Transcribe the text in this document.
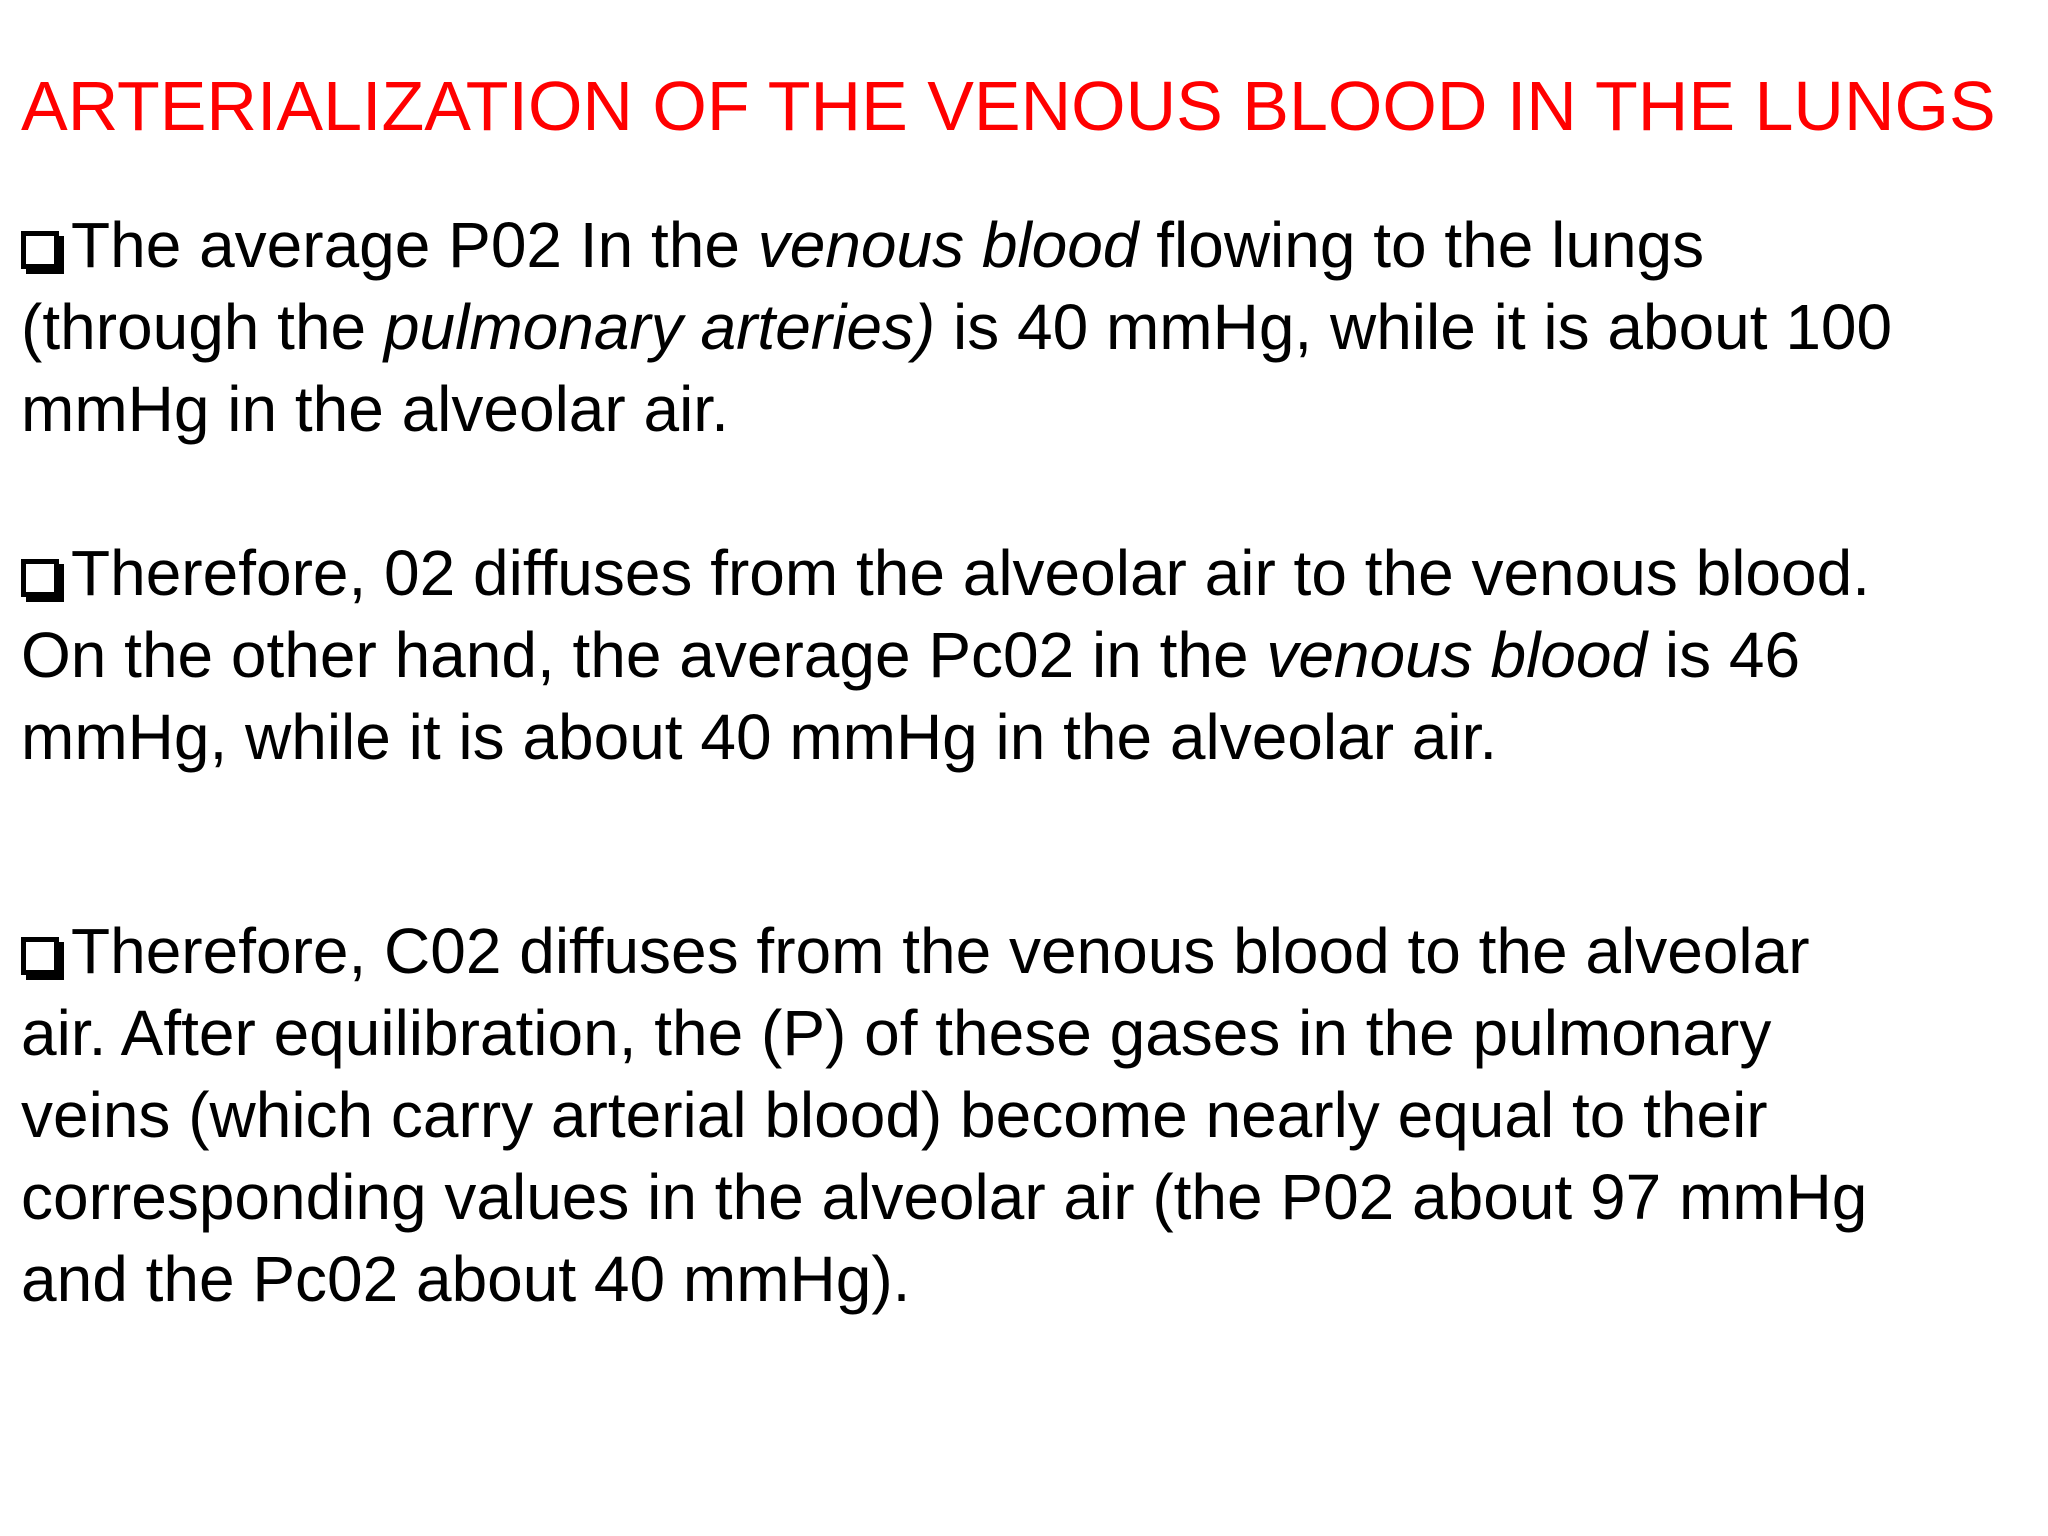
ARTERIALIZATION OF THE VENOUS BLOOD IN THE LUNGS
The average P02 In the venous blood flowing to the lungs
(through the pulmonary arteries) is 40 mmHg, while it is about 100
mmHg in the alveolar air.
Therefore, 02 diffuses from the alveolar air to the venous blood.
On the other hand, the average Pc02 in the venous blood is 46
mmHg, while it is about 40 mmHg in the alveolar air.
Therefore, C02 diffuses from the venous blood to the alveolar
air. After equilibration, the (P) of these gases in the pulmonary
veins (which carry arterial blood) become nearly equal to their
corresponding values in the alveolar air (the P02 about 97 mmHg
and the Pc02 about 40 mmHg).
